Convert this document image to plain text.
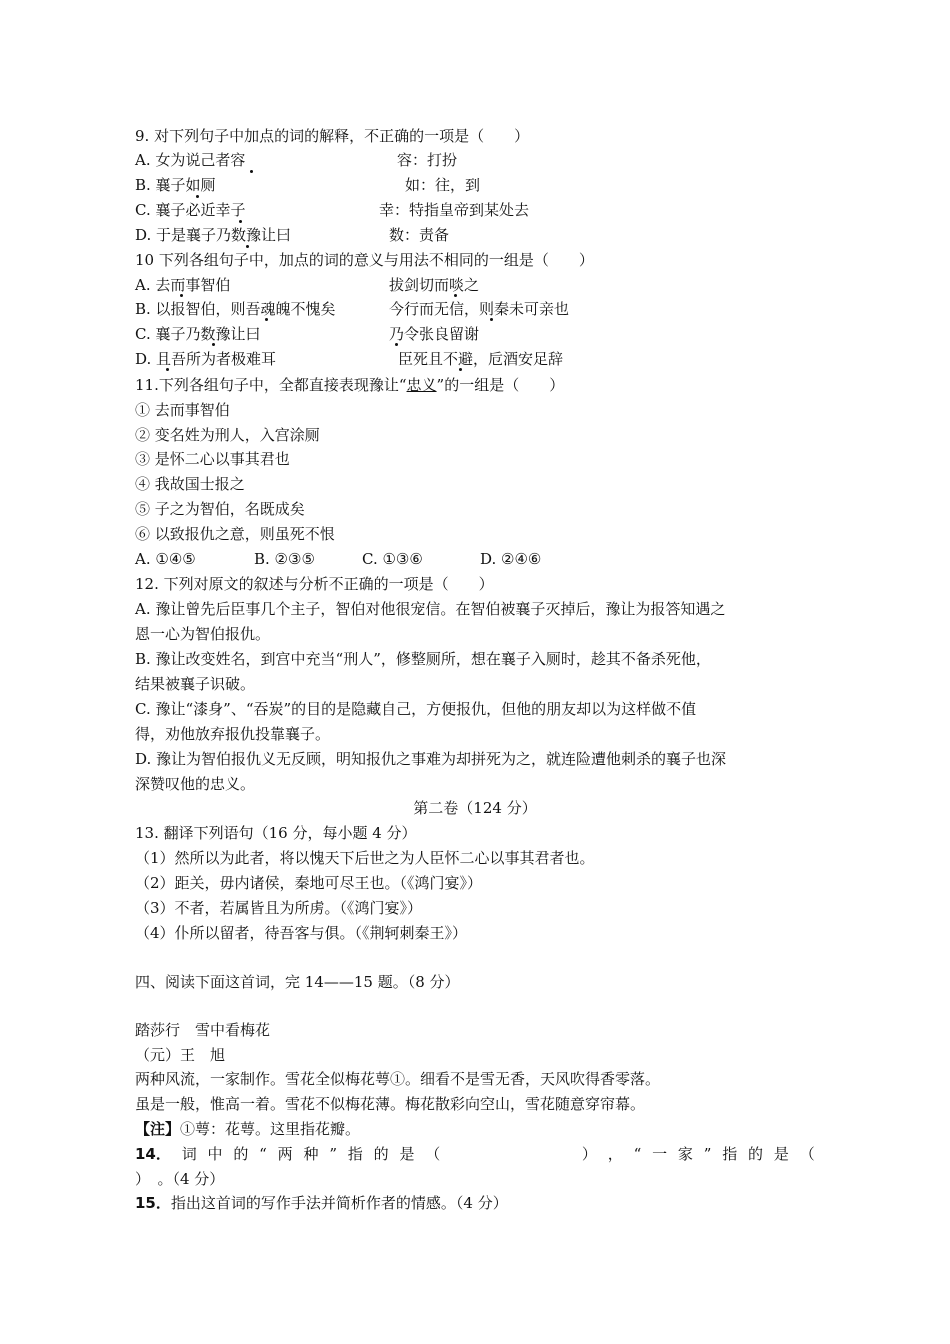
9. 对下列句子中加点的词的解释，不正确的一项是（　　）
A. 女为说己者容	容：打扮
B. 襄子如厕	如：往，到
C. 襄子必近幸子	幸：特指皇帝到某处去
D. 于是襄子乃数豫让曰	数：责备
10 下列各组句子中，加点的词的意义与用法不相同的一组是（　　）
A. 去而事智伯	拔剑切而啖之
B. 以报智伯，则吾魂魄不愧矣	今行而无信，则秦未可亲也
C. 襄子乃数豫让曰	乃令张良留谢
D. 且吾所为者极难耳	臣死且不避，卮酒安足辞
11.下列各组句子中，全都直接表现豫让“忠义”的一组是（　　）
① 去而事智伯
② 变名姓为刑人，入宫涂厕
③ 是怀二心以事其君也
④ 我故国士报之
⑤ 子之为智伯，名既成矣
⑥ 以致报仇之意，则虽死不恨
A. ①④⑤	B. ②③⑤	C. ①③⑥	D. ②④⑥
12. 下列对原文的叙述与分析不正确的一项是（　　）
A. 豫让曾先后臣事几个主子，智伯对他很宠信。在智伯被襄子灭掉后，豫让为报答知遇之
恩一心为智伯报仇。
B. 豫让改变姓名，到宫中充当“刑人”，修整厕所，想在襄子入厕时，趁其不备杀死他，
结果被襄子识破。
C. 豫让“漆身”、“吞炭”的目的是隐藏自己，方便报仇，但他的朋友却以为这样做不值
得，劝他放弃报仇投靠襄子。
D. 豫让为智伯报仇义无反顾，明知报仇之事难为却拼死为之，就连险遭他刺杀的襄子也深
深赞叹他的忠义。
第二卷（124 分）
13. 翻译下列语句（16 分，每小题 4 分）
（1）然所以为此者，将以愧天下后世之为人臣怀二心以事其君者也。
（2）距关，毋内诸侯，秦地可尽王也。（《鸿门宴》）
（3）不者，若属皆且为所虏。（《鸿门宴》）
（4）仆所以留者，待吾客与俱。（《荆轲刺秦王》）
四、阅读下面这首词，完 14——15 题。（8 分）
踏莎行　雪中看梅花
（元）王　旭
两种风流，一家制作。雪花全似梅花萼①。细看不是雪无香，天风吹得香零落。
虽是一般，惟高一着。雪花不似梅花薄。梅花散彩向空山，雪花随意穿帘幕。
【注】①萼：花萼。这里指花瓣。
14． 词 中 的 “ 两 种 ” 指 的 是 （	） ， “ 一 家 ” 指 的 是 （
）　。（4 分）
15．指出这首词的写作手法并简析作者的情感。（4 分）
